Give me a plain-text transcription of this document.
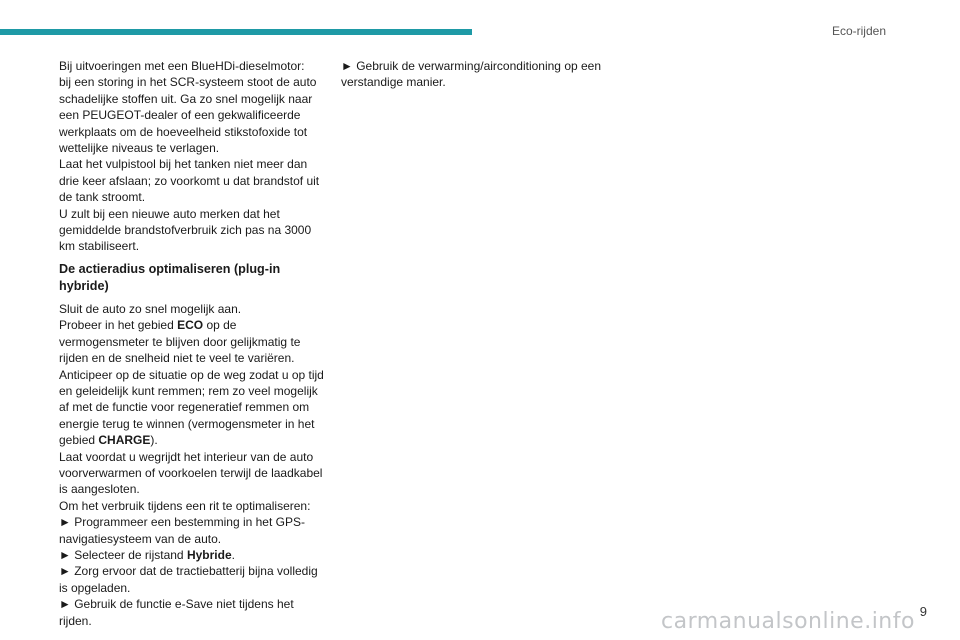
Eco-rijden

Bij uitvoeringen met een BlueHDi-dieselmotor:

bij een storing in het SCR-systeem stoot de auto schadelijke stoffen uit. Ga zo snel mogelijk naar een PEUGEOT-dealer of een gekwalificeerde werkplaats om de hoeveelheid stikstofoxide tot wettelijke niveaus te verlagen.

Laat het vulpistool bij het tanken niet meer dan drie keer afslaan; zo voorkomt u dat brandstof uit de tank stroomt.

U zult bij een nieuwe auto merken dat het gemiddelde brandstofverbruik zich pas na 3000 km stabiliseert.

De actieradius optimaliseren (plug-in hybride)

Sluit de auto zo snel mogelijk aan.

Probeer in het gebied ECO op de vermogensmeter te blijven door gelijkmatig te rijden en de snelheid niet te veel te variëren.

Anticipeer op de situatie op de weg zodat u op tijd en geleidelijk kunt remmen; rem zo veel mogelijk af met de functie voor regeneratief remmen om energie terug te winnen (vermogensmeter in het gebied CHARGE).

Laat voordat u wegrijdt het interieur van de auto voorverwarmen of voorkoelen terwijl de laadkabel is aangesloten.

Om het verbruik tijdens een rit te optimaliseren:

► Programmeer een bestemming in het GPS-navigatiesysteem van de auto.

► Selecteer de rijstand Hybride.

► Zorg ervoor dat de tractiebatterij bijna volledig is opgeladen.

► Gebruik de functie e-Save niet tijdens het rijden.

► Gebruik de verwarming/airconditioning op een verstandige manier.

9
carmanualsonline.info
